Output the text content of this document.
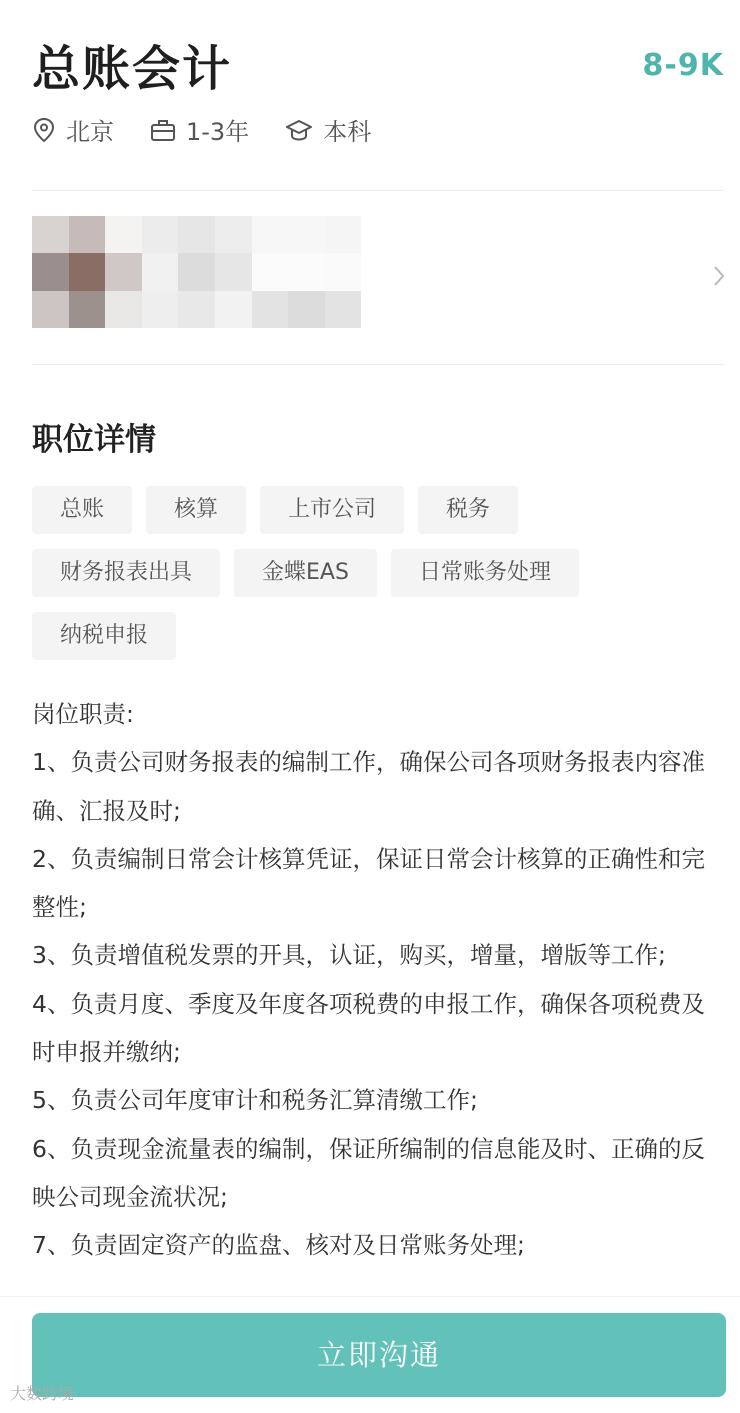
总账会计	8-9K
北京	1-3年	本科
职位详情
总账	核算	上市公司	税务
财务报表出具	金蝶EAS	日常账务处理
纳税申报
岗位职责:
1、负责公司财务报表的编制工作，确保公司各项财务报表内容准确、汇报及时;
2、负责编制日常会计核算凭证，保证日常会计核算的正确性和完整性;
3、负责增值税发票的开具，认证，购买，增量，增版等工作;
4、负责月度、季度及年度各项税费的申报工作，确保各项税费及时申报并缴纳;
5、负责公司年度审计和税务汇算清缴工作;
6、负责现金流量表的编制，保证所编制的信息能及时、正确的反映公司现金流状况;
7、负责固定资产的监盘、核对及日常账务处理;
立即沟通
大数跨境
